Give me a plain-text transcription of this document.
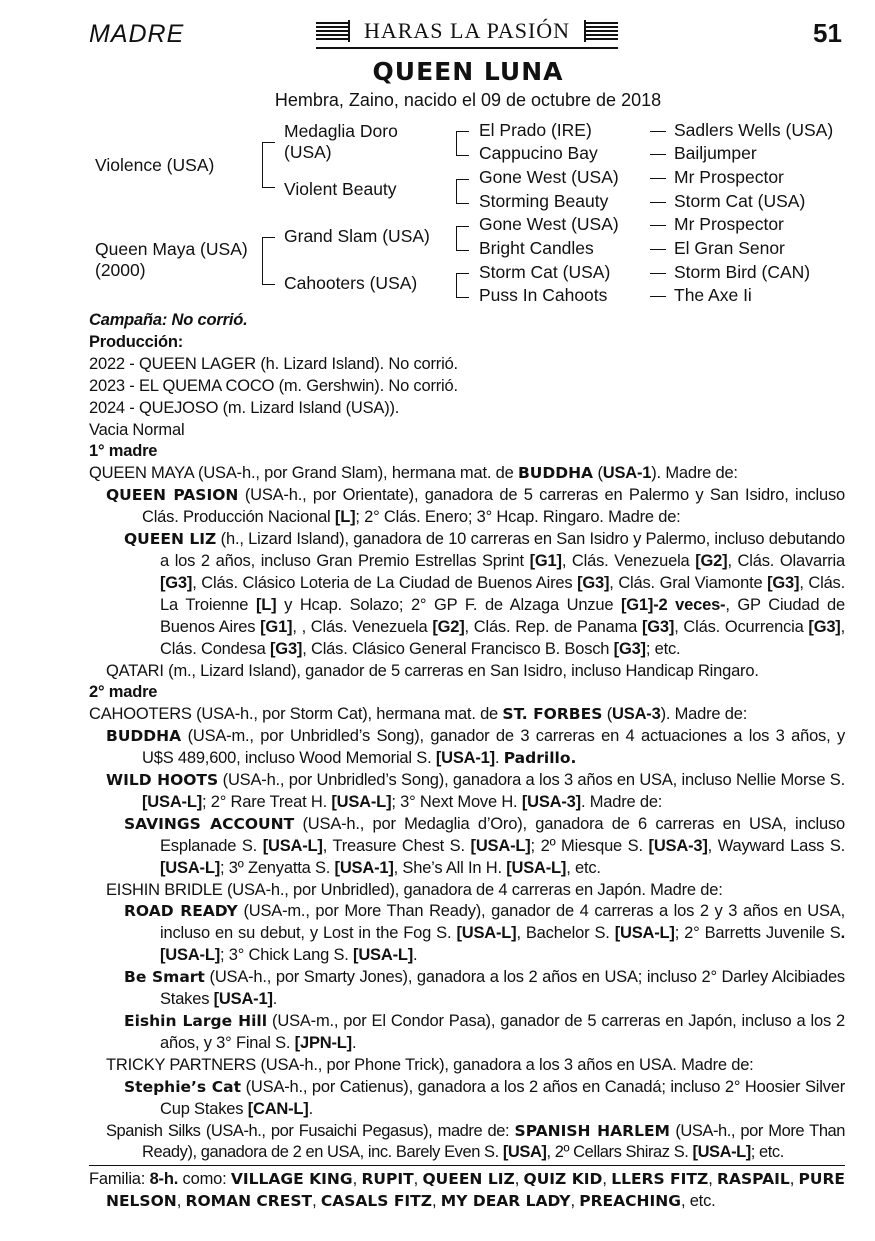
MADRE	HARAS LA PASIÓN	51
QUEEN LUNA
Hembra, Zaino, nacido el 09 de octubre de 2018
Violence (USA)
Queen Maya (USA) (2000)
Medaglia Doro (USA)
Violent Beauty
Grand Slam (USA)
Cahooters (USA)
El Prado (IRE)
Cappucino Bay
Gone West (USA)
Storming Beauty
Gone West (USA)
Bright Candles
Storm Cat (USA)
Puss In Cahoots
Sadlers Wells (USA)
Bailjumper
Mr Prospector
Storm Cat (USA)
Mr Prospector
El Gran Senor
Storm Bird (CAN)
The Axe Ii

Campaña: No corrió.

Producción:

2022 - QUEEN LAGER (h. Lizard Island). No corrió.

2023 - EL QUEMA COCO (m. Gershwin). No corrió.

2024 - QUEJOSO (m. Lizard Island (USA)).

Vacia Normal

1° madre

QUEEN MAYA (USA-h., por Grand Slam), hermana mat. de BUDDHA (USA-1). Madre de:

QUEEN PASION (USA-h., por Orientate), ganadora de 5 carreras en Palermo y San Isidro, incluso Clás. Producción Nacional [L]; 2° Clás. Enero; 3° Hcap. Ringaro. Madre de:

QUEEN LIZ (h., Lizard Island), ganadora de 10 carreras en San Isidro y Palermo, incluso debutando a los 2 años, incluso Gran Premio Estrellas Sprint [G1], Clás. Venezuela [G2], Clás. Olavarria [G3], Clás. Clásico Loteria de La Ciudad de Buenos Aires [G3], Clás. Gral Viamonte [G3], Clás. La Troienne [L] y Hcap. Solazo; 2° GP F. de Alzaga Unzue [G1]-2 veces-, GP Ciudad de Buenos Aires [G1], , Clás. Venezuela [G2], Clás. Rep. de Panama [G3], Clás. Ocurrencia [G3], Clás. Condesa [G3], Clás. Clásico General Francisco B. Bosch [G3]; etc.

QATARI (m., Lizard Island), ganador de 5 carreras en San Isidro, incluso Handicap Ringaro.

2° madre

CAHOOTERS (USA-h., por Storm Cat), hermana mat. de ST. FORBES (USA-3). Madre de:

BUDDHA (USA-m., por Unbridled’s Song), ganador de 3 carreras en 4 actuaciones a los 3 años, y U$S 489,600, incluso Wood Memorial S. [USA-1]. Padrillo.

WILD HOOTS (USA-h., por Unbridled’s Song), ganadora a los 3 años en USA, incluso Nellie Morse S. [USA-L]; 2° Rare Treat H. [USA-L]; 3° Next Move H. [USA-3]. Madre de:

SAVINGS ACCOUNT (USA-h., por Medaglia d’Oro), ganadora de 6 carreras en USA, incluso Esplanade S. [USA-L], Treasure Chest S. [USA-L]; 2º Miesque S. [USA-3], Wayward Lass S. [USA-L]; 3º Zenyatta S. [USA-1], She’s All In H. [USA-L], etc.

EISHIN BRIDLE (USA-h., por Unbridled), ganadora de 4 carreras en Japón. Madre de:

ROAD READY (USA-m., por More Than Ready), ganador de 4 carreras a los 2 y 3 años en USA, incluso en su debut, y Lost in the Fog S. [USA-L], Bachelor S. [USA-L]; 2° Barretts Juvenile S. [USA-L]; 3° Chick Lang S. [USA-L].

Be Smart (USA-h., por Smarty Jones), ganadora a los 2 años en USA; incluso 2° Darley Alcibiades Stakes [USA-1].

Eishin Large Hill (USA-m., por El Condor Pasa), ganador de 5 carreras en Japón, incluso a los 2 años, y 3° Final S. [JPN-L].

TRICKY PARTNERS (USA-h., por Phone Trick), ganadora a los 3 años en USA. Madre de:

Stephie’s Cat (USA-h., por Catienus), ganadora a los 2 años en Canadá; incluso 2° Hoosier Silver Cup Stakes [CAN-L].

Spanish Silks (USA-h., por Fusaichi Pegasus), madre de: SPANISH HARLEM (USA-h., por More Than Ready), ganadora de 2 en USA, inc. Barely Even S. [USA], 2º Cellars Shiraz S. [USA-L]; etc.

Familia: 8-h. como: VILLAGE KING, RUPIT, QUEEN LIZ, QUIZ KID, LLERS FITZ, RASPAIL, PURE NELSON, ROMAN CREST, CASALS FITZ, MY DEAR LADY, PREACHING, etc.
